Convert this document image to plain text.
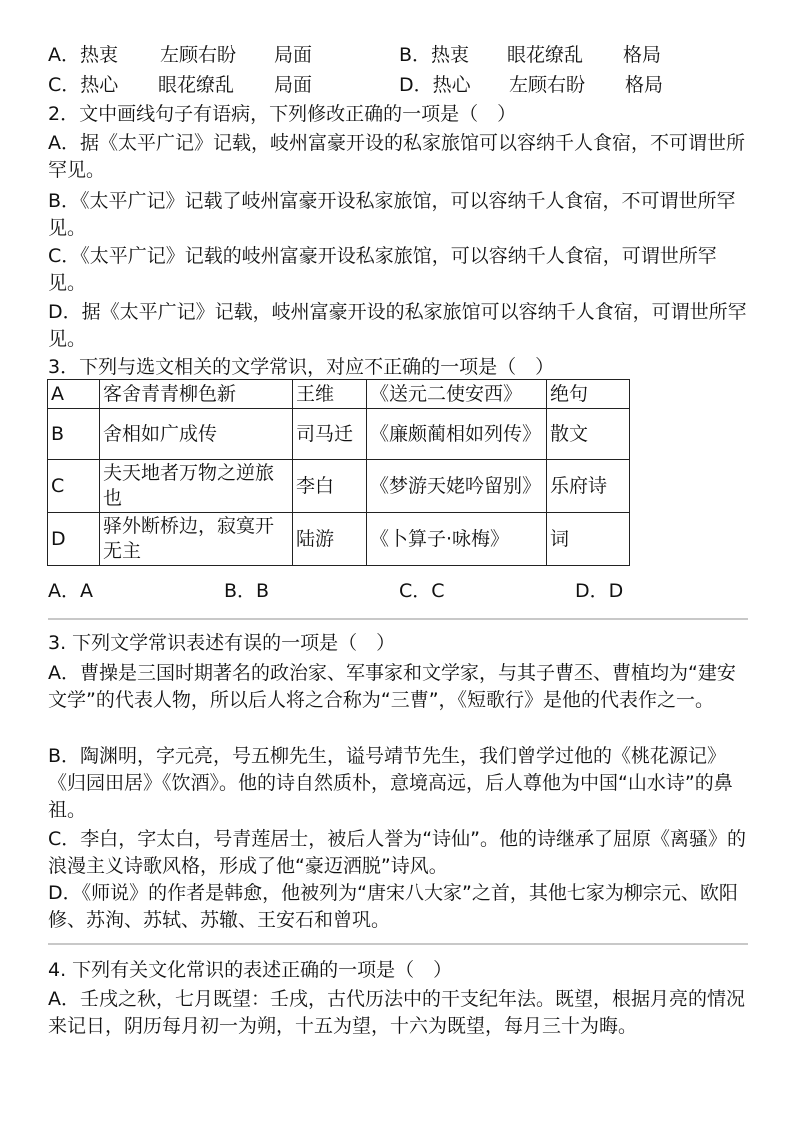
A．热衷 左顾右盼 局面	B．热衷 眼花缭乱 格局
C．热心 眼花缭乱 局面	D．热心 左顾右盼 格局
2．文中画线句子有语病，下列修改正确的一项是（　）
A．据《太平广记》记载，岐州富豪开设的私家旅馆可以容纳千人食宿，不可谓世所罕见。
B．《太平广记》记载了岐州富豪开设私家旅馆，可以容纳千人食宿，不可谓世所罕见。
C．《太平广记》记载的岐州富豪开设私家旅馆，可以容纳千人食宿，可谓世所罕见。
D．据《太平广记》记载，岐州富豪开设的私家旅馆可以容纳千人食宿，可谓世所罕见。
3．下列与选文相关的文学常识，对应不正确的一项是（　）
A	客舍青青柳色新	王维	《送元二使安西》	绝句
B	舍相如广成传	司马迁	《廉颇蔺相如列传》	散文
C	夫天地者万物之逆旅也	李白	《梦游天姥吟留别》	乐府诗
D	驿外断桥边，寂寞开无主	陆游	《卜算子·咏梅》	词
A．A	B．B	C．C	D．D
3. 下列文学常识表述有误的一项是（　）
A．曹操是三国时期著名的政治家、军事家和文学家，与其子曹丕、曹植均为“建安文学”的代表人物，所以后人将之合称为“三曹”，《短歌行》是他的代表作之一。
B．陶渊明，字元亮，号五柳先生，谥号靖节先生，我们曾学过他的《桃花源记》《归园田居》《饮酒》。他的诗自然质朴，意境高远，后人尊他为中国“山水诗”的鼻祖。
C．李白，字太白，号青莲居士，被后人誉为“诗仙”。他的诗继承了屈原《离骚》的浪漫主义诗歌风格，形成了他“豪迈洒脱”诗风。
D．《师说》的作者是韩愈，他被列为“唐宋八大家”之首，其他七家为柳宗元、欧阳修、苏洵、苏轼、苏辙、王安石和曾巩。
4. 下列有关文化常识的表述正确的一项是（　）
A．壬戌之秋，七月既望：壬戌，古代历法中的干支纪年法。既望，根据月亮的情况来记日，阴历每月初一为朔，十五为望，十六为既望，每月三十为晦。
